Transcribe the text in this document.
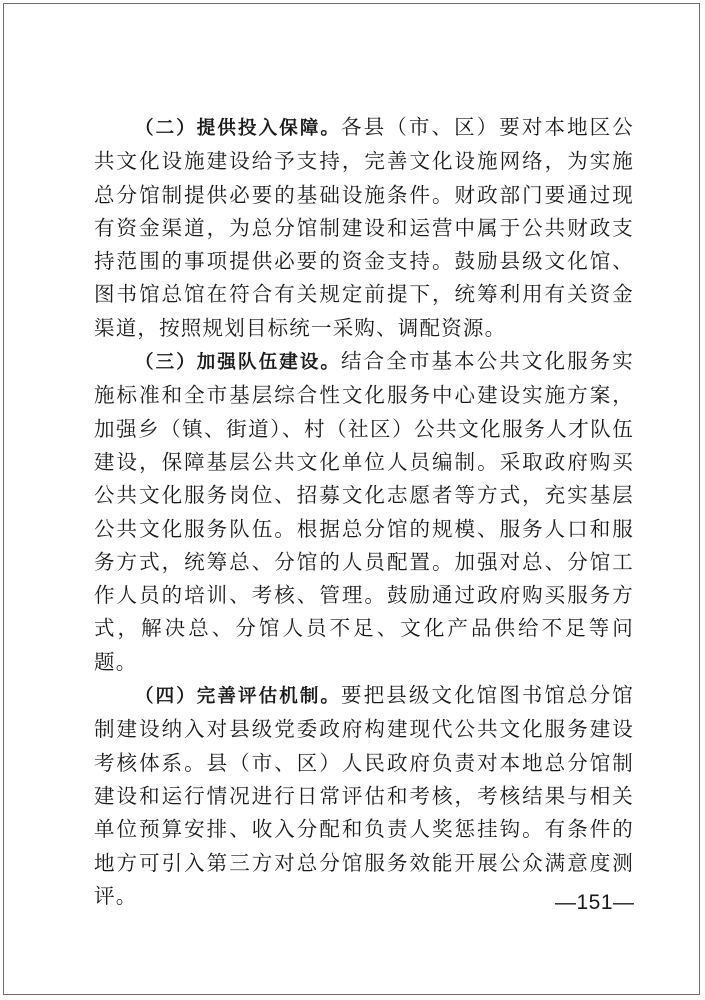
（二）提供投入保障。各县（市、区）要对本地区公共文化设施建设给予支持，完善文化设施网络，为实施总分馆制提供必要的基础设施条件。财政部门要通过现有资金渠道，为总分馆制建设和运营中属于公共财政支持范围的事项提供必要的资金支持。鼓励县级文化馆、图书馆总馆在符合有关规定前提下，统筹利用有关资金渠道，按照规划目标统一采购、调配资源。

（三）加强队伍建设。结合全市基本公共文化服务实施标准和全市基层综合性文化服务中心建设实施方案，加强乡（镇、街道）、村（社区）公共文化服务人才队伍建设，保障基层公共文化单位人员编制。采取政府购买公共文化服务岗位、招募文化志愿者等方式，充实基层公共文化服务队伍。根据总分馆的规模、服务人口和服务方式，统筹总、分馆的人员配置。加强对总、分馆工作人员的培训、考核、管理。鼓励通过政府购买服务方式，解决总、分馆人员不足、文化产品供给不足等问题。

（四）完善评估机制。要把县级文化馆图书馆总分馆制建设纳入对县级党委政府构建现代公共文化服务建设考核体系。县（市、区）人民政府负责对本地总分馆制建设和运行情况进行日常评估和考核，考核结果与相关单位预算安排、收入分配和负责人奖惩挂钩。有条件的地方可引入第三方对总分馆服务效能开展公众满意度测评。	—151—
